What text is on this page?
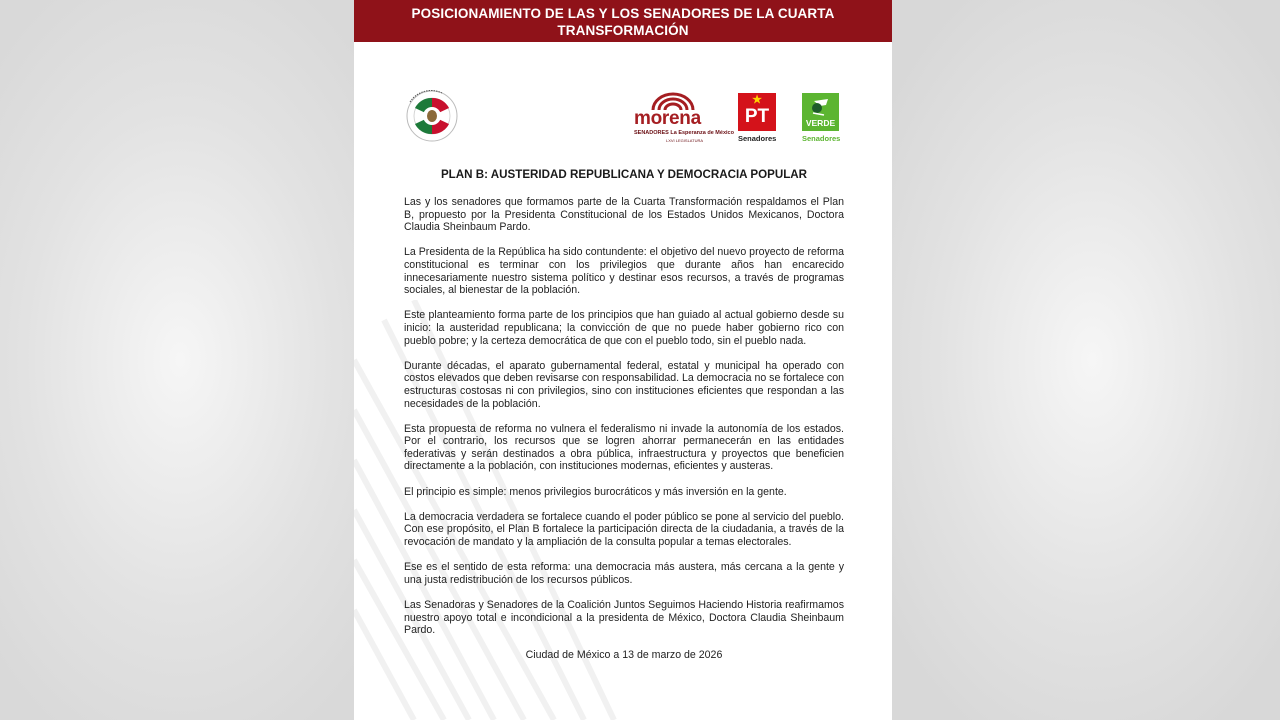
POSICIONAMIENTO DE LAS Y LOS SENADORES DE LA CUARTA
TRANSFORMACIÓN
morena
SENADORES La Esperanza de México
LXVI LEGISLATURA
★
PT
Senadores
VERDE
Senadores
PLAN B: AUSTERIDAD REPUBLICANA Y DEMOCRACIA POPULAR

Las y los senadores que formamos parte de la Cuarta Transformación respaldamos el Plan B, propuesto por la Presidenta Constitucional de los Estados Unidos Mexicanos, Doctora Claudia Sheinbaum Pardo.

La Presidenta de la República ha sido contundente: el objetivo del nuevo proyecto de reforma constitucional es terminar con los privilegios que durante años han encarecido innecesariamente nuestro sistema político y destinar esos recursos, a través de programas sociales, al bienestar de la población.

Este planteamiento forma parte de los principios que han guiado al actual gobierno desde su inicio: la austeridad republicana; la convicción de que no puede haber gobierno rico con pueblo pobre; y la certeza democrática de que con el pueblo todo, sin el pueblo nada.

Durante décadas, el aparato gubernamental federal, estatal y municipal ha operado con costos elevados que deben revisarse con responsabilidad. La democracia no se fortalece con estructuras costosas ni con privilegios, sino con instituciones eficientes que respondan a las necesidades de la población.

Esta propuesta de reforma no vulnera el federalismo ni invade la autonomía de los estados. Por el contrario, los recursos que se logren ahorrar permanecerán en las entidades federativas y serán destinados a obra pública, infraestructura y proyectos que beneficien directamente a la población, con instituciones modernas, eficientes y austeras.

El principio es simple: menos privilegios burocráticos y más inversión en la gente.

La democracia verdadera se fortalece cuando el poder público se pone al servicio del pueblo. Con ese propósito, el Plan B fortalece la participación directa de la ciudadania, a través de la revocación de mandato y la ampliación de la consulta popular a temas electorales.

Ese es el sentido de esta reforma: una democracia más austera, más cercana a la gente y una justa redistribución de los recursos públicos.

Las Senadoras y Senadores de la Coalición Juntos Seguimos Haciendo Historia reafirmamos nuestro apoyo total e incondicional a la presidenta de México, Doctora Claudia Sheinbaum Pardo.

Ciudad de México a 13 de marzo de 2026
